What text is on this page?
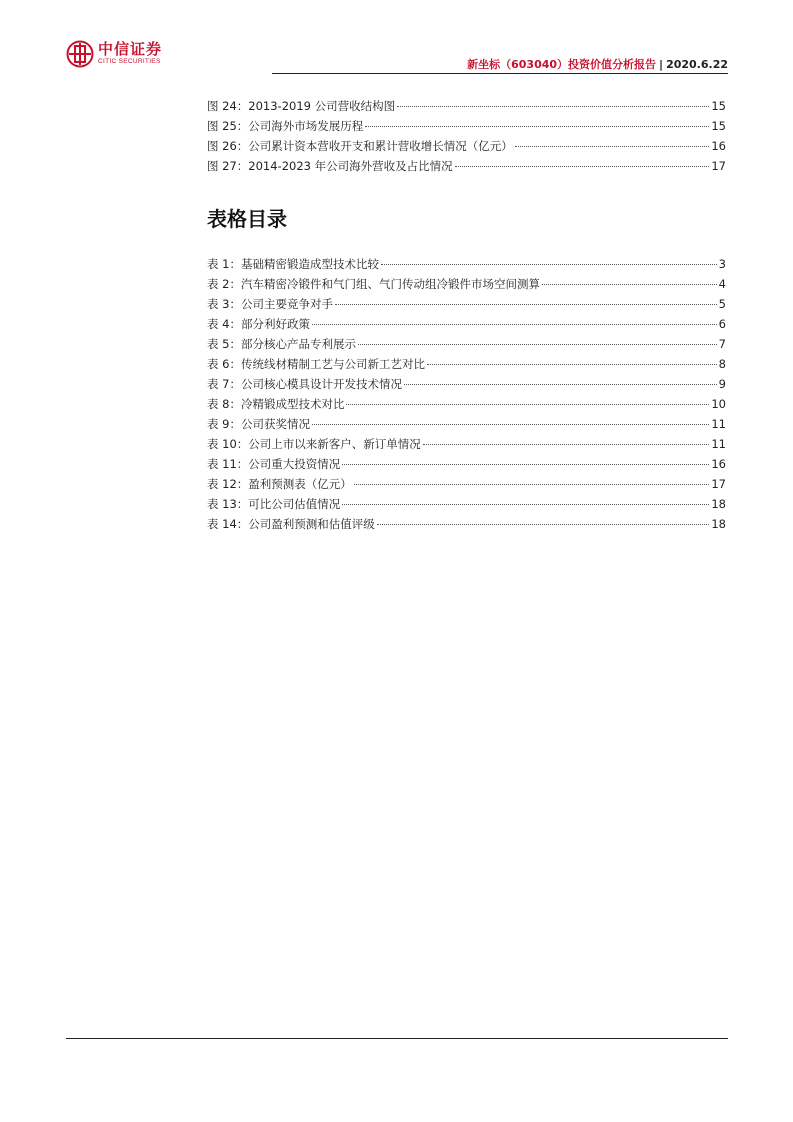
中信证券
CITIC SECURITIES	新坐标（603040）投资价值分析报告 | 2020.6.22
图 24：2013-2019 公司营收结构图	15
图 25：公司海外市场发展历程	15
图 26：公司累计资本营收开支和累计营收增长情况（亿元）	16
图 27：2014-2023 年公司海外营收及占比情况	17
表格目录
表 1：基础精密锻造成型技术比较	3
表 2：汽车精密冷锻件和气门组、气门传动组冷锻件市场空间测算	4
表 3：公司主要竞争对手	5
表 4：部分利好政策	6
表 5：部分核心产品专利展示	7
表 6：传统线材精制工艺与公司新工艺对比	8
表 7：公司核心模具设计开发技术情况	9
表 8：冷精锻成型技术对比	10
表 9：公司获奖情况	11
表 10：公司上市以来新客户、新订单情况	11
表 11：公司重大投资情况	16
表 12：盈利预测表（亿元）	17
表 13：可比公司估值情况	18
表 14：公司盈利预测和估值评级	18
